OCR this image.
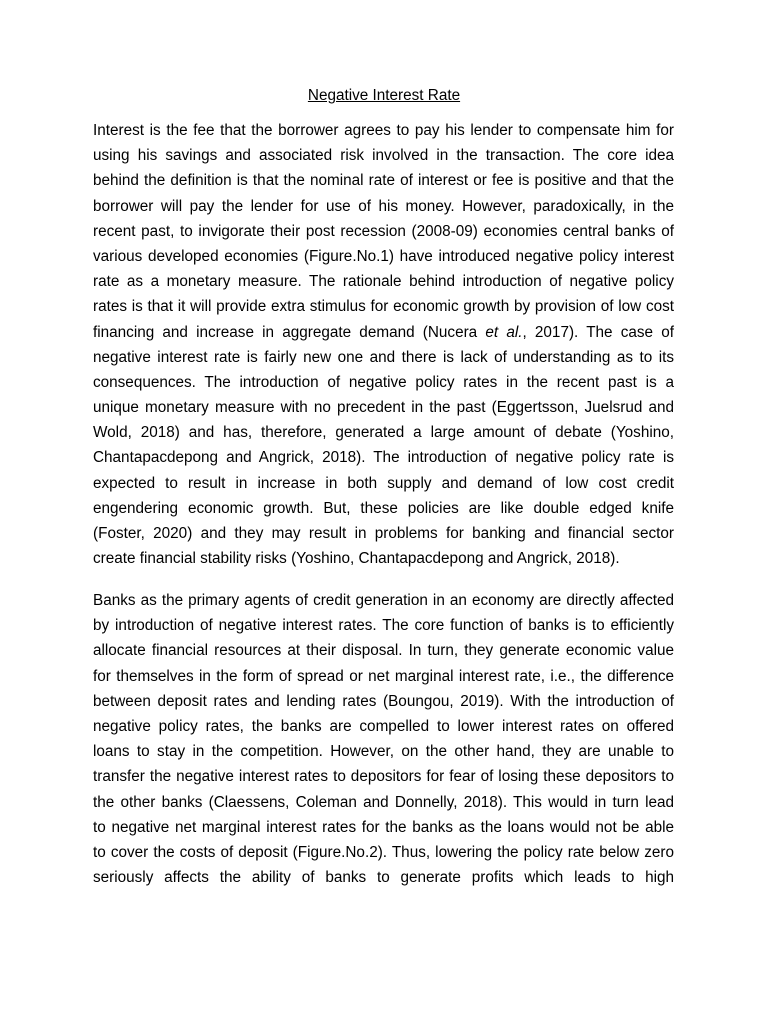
Negative Interest Rate
Interest is the fee that the borrower agrees to pay his lender to compensate him for
using his savings and associated risk involved in the transaction. The core idea
behind the definition is that the nominal rate of interest or fee is positive and that the
borrower will pay the lender for use of his money. However, paradoxically, in the
recent past, to invigorate their post recession (2008-09) economies central banks of
various developed economies (Figure.No.1) have introduced negative policy interest
rate as a monetary measure. The rationale behind introduction of negative policy
rates is that it will provide extra stimulus for economic growth by provision of low cost
financing and increase in aggregate demand (Nucera et al., 2017). The case of
negative interest rate is fairly new one and there is lack of understanding as to its
consequences. The introduction of negative policy rates in the recent past is a
unique monetary measure with no precedent in the past (Eggertsson, Juelsrud and
Wold, 2018) and has, therefore, generated a large amount of debate (Yoshino,
Chantapacdepong and Angrick, 2018). The introduction of negative policy rate is
expected to result in increase in both supply and demand of low cost credit
engendering economic growth. But, these policies are like double edged knife
(Foster, 2020) and they may result in problems for banking and financial sector
create financial stability risks (Yoshino, Chantapacdepong and Angrick, 2018).
Banks as the primary agents of credit generation in an economy are directly affected
by introduction of negative interest rates. The core function of banks is to efficiently
allocate financial resources at their disposal. In turn, they generate economic value
for themselves in the form of spread or net marginal interest rate, i.e., the difference
between deposit rates and lending rates (Boungou, 2019). With the introduction of
negative policy rates, the banks are compelled to lower interest rates on offered
loans to stay in the competition. However, on the other hand, they are unable to
transfer the negative interest rates to depositors for fear of losing these depositors to
the other banks (Claessens, Coleman and Donnelly, 2018). This would in turn lead
to negative net marginal interest rates for the banks as the loans would not be able
to cover the costs of deposit (Figure.No.2). Thus, lowering the policy rate below zero
seriously affects the ability of banks to generate profits which leads to high
